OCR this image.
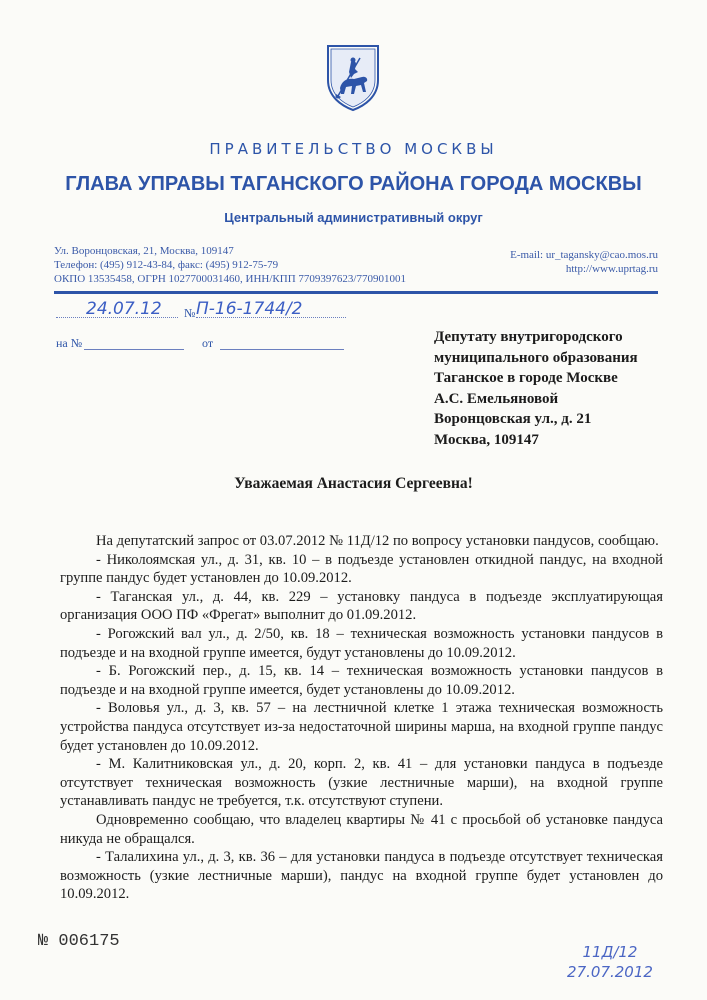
ПРАВИТЕЛЬСТВО МОСКВЫ
ГЛАВА УПРАВЫ ТАГАНСКОГО РАЙОНА ГОРОДА МОСКВЫ
Центральный административный округ
Ул. Воронцовская, 21, Москва, 109147
Телефон: (495) 912-43-84, факс: (495) 912-75-79
ОКПО 13535458, ОГРН 1027700031460, ИНН/КПП 7709397623/770901001
E-mail: ur_tagansky@cao.mos.ru
http://www.uprtag.ru
24.07.12 № П-16-1744/2
на №	от	Депутату внутригородского
муниципального образования
Таганское в городе Москве
А.С. Емельяновой
Воронцовская ул., д. 21
Москва, 109147
Уважаемая Анастасия Сергеевна!

На депутатский запрос от 03.07.2012 № 11Д/12 по вопросу установки пандусов, сообщаю.

- Николоямская ул., д. 31, кв. 10 – в подъезде установлен откидной пандус, на входной группе пандус будет установлен до 10.09.2012.

- Таганская ул., д. 44, кв. 229 – установку пандуса в подъезде эксплуатирующая организация ООО ПФ «Фрегат» выполнит до 01.09.2012.

- Рогожский вал ул., д. 2/50, кв. 18 – техническая возможность установки пандусов в подъезде и на входной группе имеется, будут установлены до 10.09.2012.

- Б. Рогожский пер., д. 15, кв. 14 – техническая возможность установки пандусов в подъезде и на входной группе имеется, будет установлены до 10.09.2012.

- Воловья ул., д. 3, кв. 57 – на лестничной клетке 1 этажа техническая возможность устройства пандуса отсутствует из-за недостаточной ширины марша, на входной группе пандус будет установлен до 10.09.2012.

- М. Калитниковская ул., д. 20, корп. 2, кв. 41 – для установки пандуса в подъезде отсутствует техническая возможность (узкие лестничные марши), на входной группе устанавливать пандус не требуется, т.к. отсутствуют ступени.

Одновременно сообщаю, что владелец квартиры № 41 с просьбой об установке пандуса никуда не обращался.

- Талалихина ул., д. 3, кв. 36 – для установки пандуса в подъезде отсутствует техническая возможность (узкие лестничные марши), пандус на входной группе будет установлен до 10.09.2012.

№ 006175
11Д/12
27.07.2012
